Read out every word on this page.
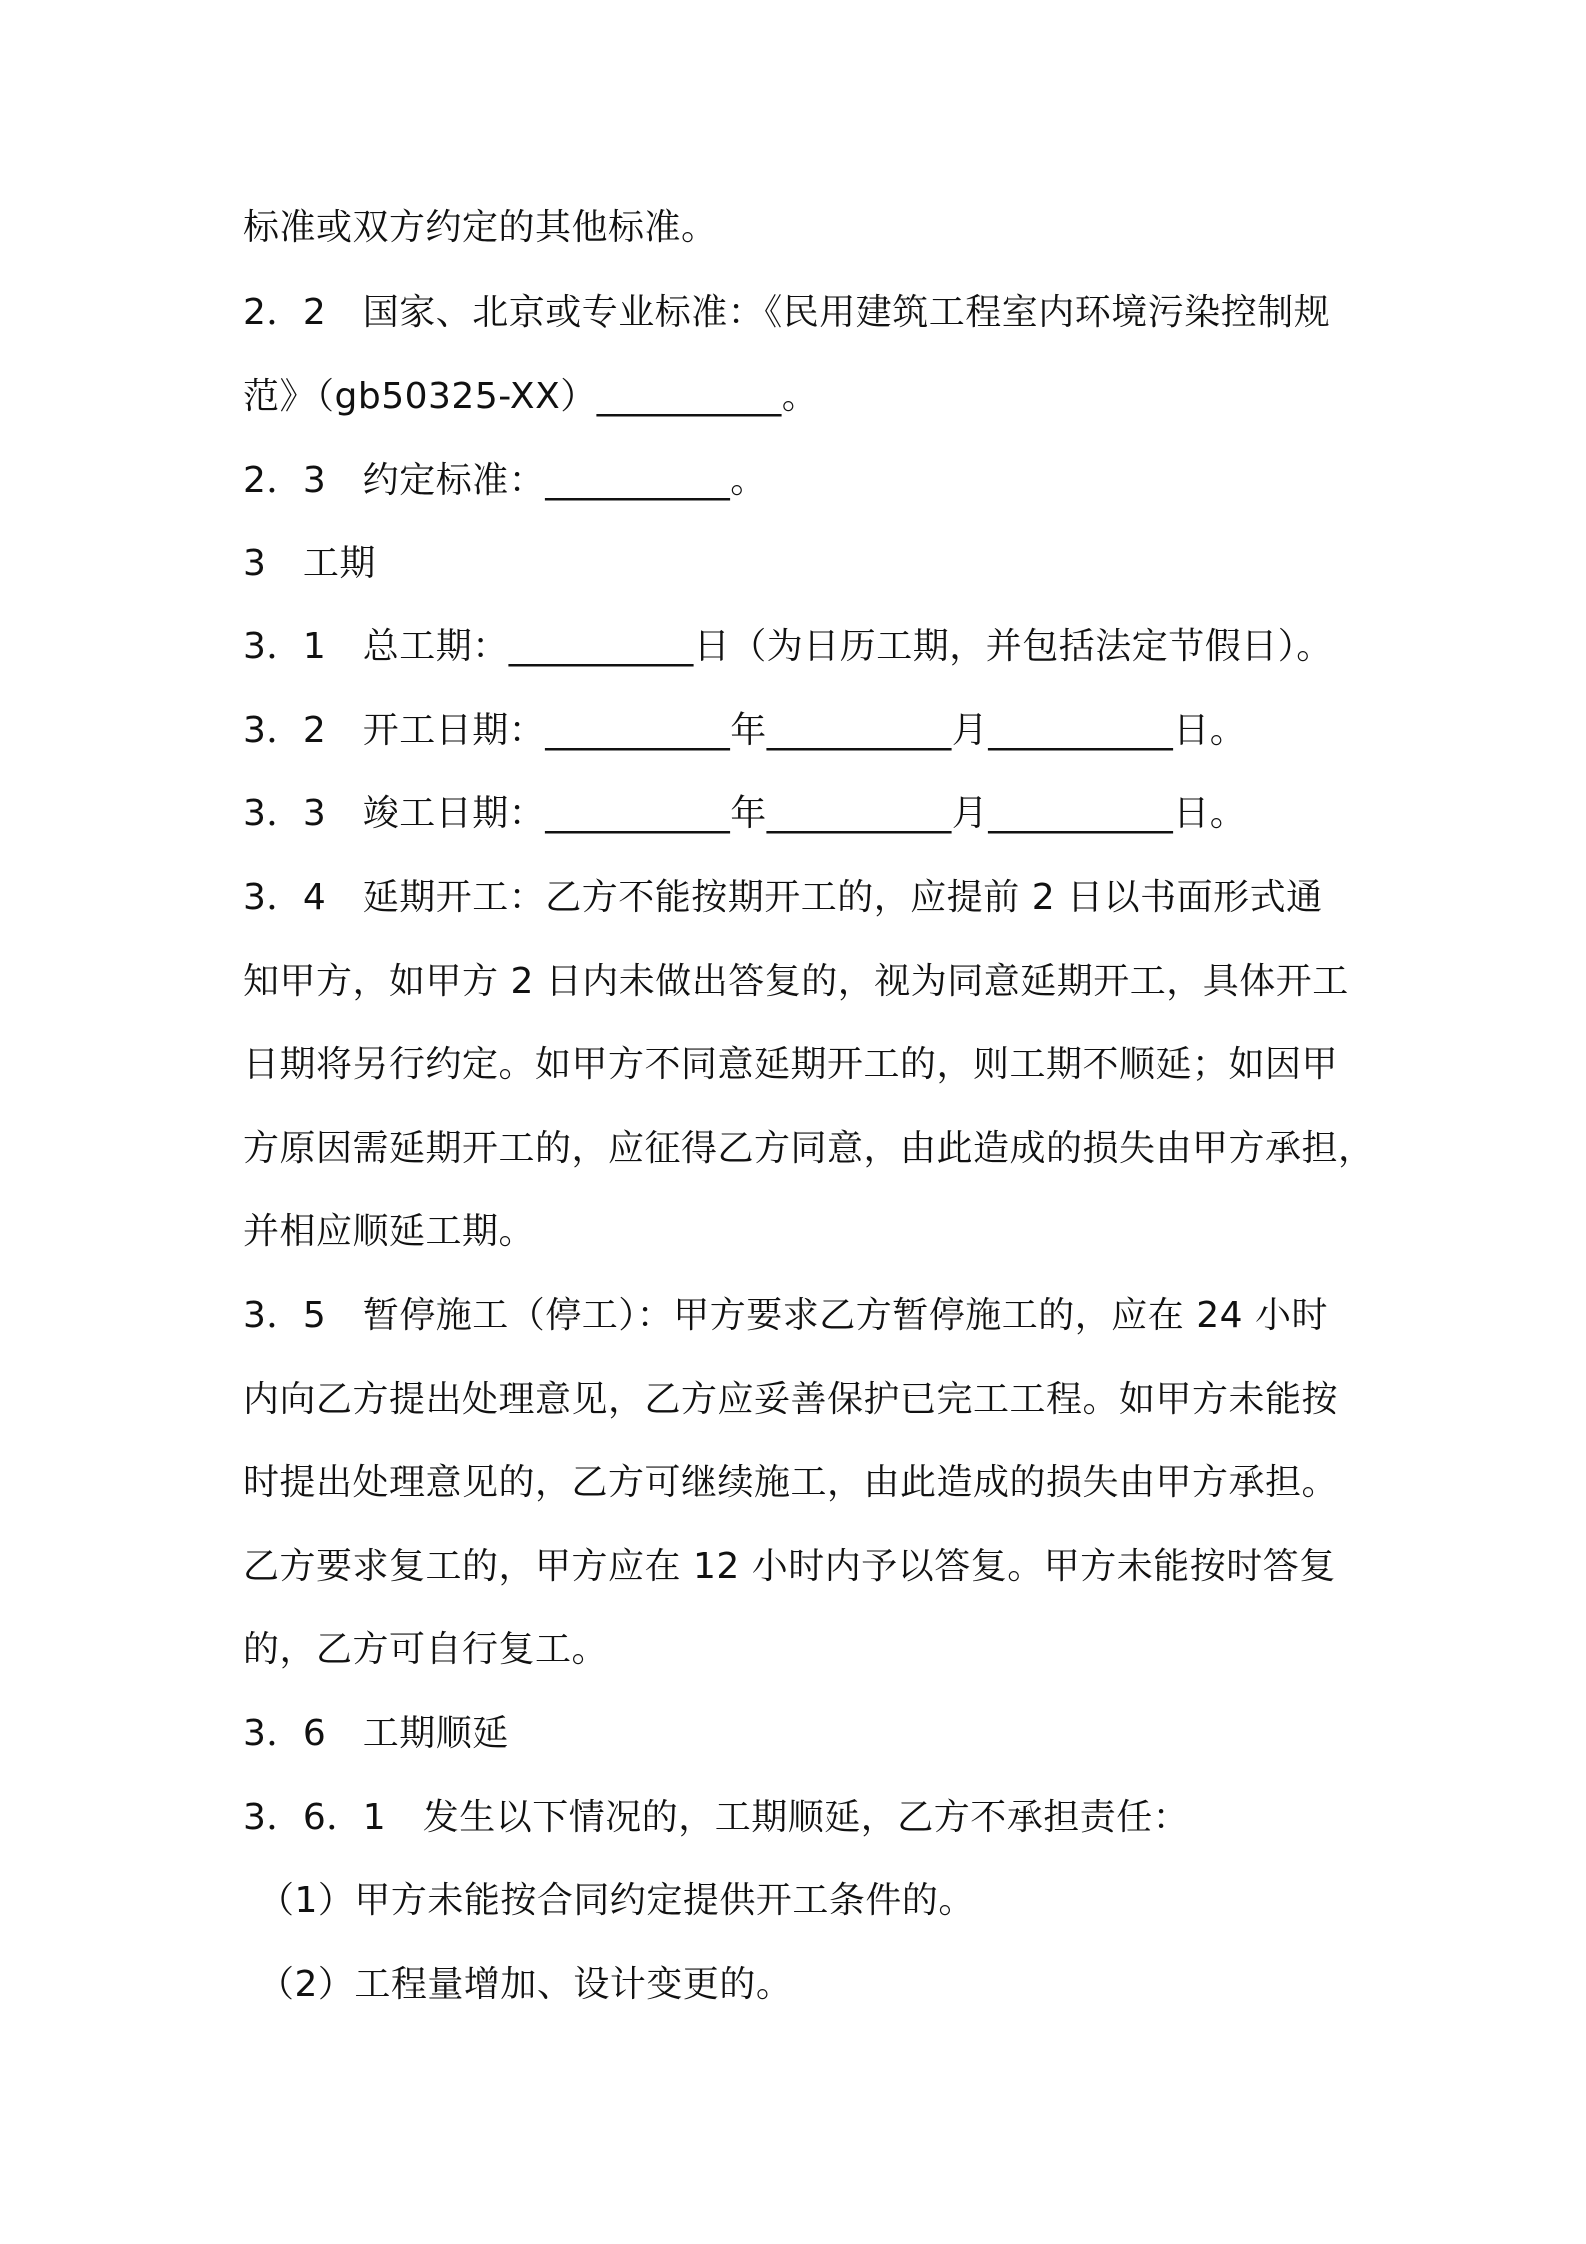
标准或双方约定的其他标准。
2．2　国家、北京或专业标准：《民用建筑工程室内环境污染控制规
范》（gb50325-XX）__________。
2．3　约定标准：__________。
3　工期
3．1　总工期：__________日（为日历工期，并包括法定节假日）。
3．2　开工日期：__________年__________月__________日。
3．3　竣工日期：__________年__________月__________日。
3．4　延期开工：乙方不能按期开工的，应提前 2 日以书面形式通
知甲方，如甲方 2 日内未做出答复的，视为同意延期开工，具体开工
日期将另行约定。如甲方不同意延期开工的，则工期不顺延；如因甲
方原因需延期开工的，应征得乙方同意，由此造成的损失由甲方承担，
并相应顺延工期。
3．5　暂停施工（停工）：甲方要求乙方暂停施工的，应在 24 小时
内向乙方提出处理意见，乙方应妥善保护已完工工程。如甲方未能按
时提出处理意见的，乙方可继续施工，由此造成的损失由甲方承担。
乙方要求复工的，甲方应在 12 小时内予以答复。甲方未能按时答复
的，乙方可自行复工。
3．6　工期顺延
3．6．1　发生以下情况的，工期顺延，乙方不承担责任：
（1）甲方未能按合同约定提供开工条件的。
（2）工程量增加、设计变更的。
